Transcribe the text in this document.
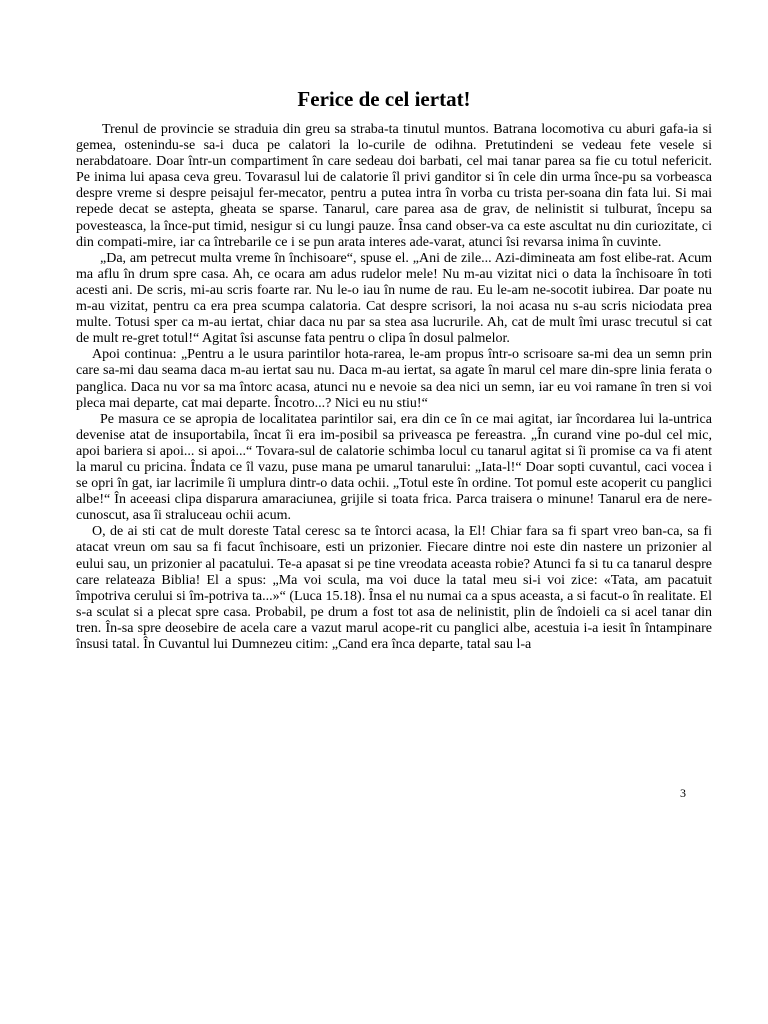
Ferice de cel iertat!

Trenul de provincie se straduia din greu sa straba-ta tinutul muntos. Batrana locomotiva cu aburi gafa-ia si gemea, ostenindu-se sa-i duca pe calatori la lo-curile de odihna. Pretutindeni se vedeau fete vesele si nerabdatoare. Doar într-un compartiment în care sedeau doi barbati, cel mai tanar parea sa fie cu totul nefericit. Pe inima lui apasa ceva greu. Tovarasul lui de calatorie îl privi ganditor si în cele din urma înce-pu sa vorbeasca despre vreme si despre peisajul fer-mecator, pentru a putea intra în vorba cu trista per-soana din fata lui. Si mai repede decat se astepta, gheata se sparse. Tanarul, care parea asa de grav, de nelinistit si tulburat, începu sa povesteasca, la înce-put timid, nesigur si cu lungi pauze. Însa cand obser-va ca este ascultat nu din curiozitate, ci din compati-mire, iar ca întrebarile ce i se pun arata interes ade-varat, atunci îsi revarsa inima în cuvinte.

„Da, am petrecut multa vreme în închisoare“, spuse el. „Ani de zile... Azi-dimineata am fost elibe-rat. Acum ma aflu în drum spre casa. Ah, ce ocara am adus rudelor mele! Nu m-au vizitat nici o data la închisoare în toti acesti ani. De scris, mi-au scris foarte rar. Nu le-o iau în nume de rau. Eu le-am ne-socotit iubirea. Dar poate nu m-au vizitat, pentru ca era prea scumpa calatoria. Cat despre scrisori, la noi acasa nu s-au scris niciodata prea multe. Totusi sper ca m-au iertat, chiar daca nu par sa stea asa lucrurile. Ah, cat de mult îmi urasc trecutul si cat de mult re-gret totul!“ Agitat îsi ascunse fata pentru o clipa în dosul palmelor.

Apoi continua: „Pentru a le usura parintilor hota-rarea, le-am propus într-o scrisoare sa-mi dea un semn prin care sa-mi dau seama daca m-au iertat sau nu. Daca m-au iertat, sa agate în marul cel mare din-spre linia ferata o panglica. Daca nu vor sa ma întorc acasa, atunci nu e nevoie sa dea nici un semn, iar eu voi ramane în tren si voi pleca mai departe, cat mai departe. Încotro...? Nici eu nu stiu!“

Pe masura ce se apropia de localitatea parintilor sai, era din ce în ce mai agitat, iar încordarea lui la-untrica devenise atat de insuportabila, încat îi era im-posibil sa priveasca pe fereastra. „În curand vine po-dul cel mic, apoi bariera si apoi... si apoi...“ Tovara-sul de calatorie schimba locul cu tanarul agitat si îi promise ca va fi atent la marul cu pricina. Îndata ce îl vazu, puse mana pe umarul tanarului: „Iata-l!“ Doar sopti cuvantul, caci vocea i se opri în gat, iar lacrimile îi umplura dintr-o data ochii. „Totul este în ordine. Tot pomul este acoperit cu panglici albe!“ În aceeasi clipa disparura amaraciunea, grijile si toata frica. Parca traisera o minune! Tanarul era de nere-cunoscut, asa îi straluceau ochii acum.

O, de ai sti cat de mult doreste Tatal ceresc sa te întorci acasa, la El! Chiar fara sa fi spart vreo ban-ca, sa fi atacat vreun om sau sa fi facut închisoare, esti un prizonier. Fiecare dintre noi este din nastere un prizonier al eului sau, un prizonier al pacatului. Te-a apasat si pe tine vreodata aceasta robie? Atunci fa si tu ca tanarul despre care relateaza Biblia! El a spus: „Ma voi scula, ma voi duce la tatal meu si-i voi zice: «Tata, am pacatuit împotriva cerului si îm-potriva ta...»“ (Luca 15.18). Însa el nu numai ca a spus aceasta, a si facut-o în realitate. El s-a sculat si a plecat spre casa. Probabil, pe drum a fost tot asa de nelinistit, plin de îndoieli ca si acel tanar din tren. În-sa spre deosebire de acela care a vazut marul acope-rit cu panglici albe, acestuia i-a iesit în întampinare însusi tatal. În Cuvantul lui Dumnezeu citim: „Cand era înca departe, tatal sau l-a

3
